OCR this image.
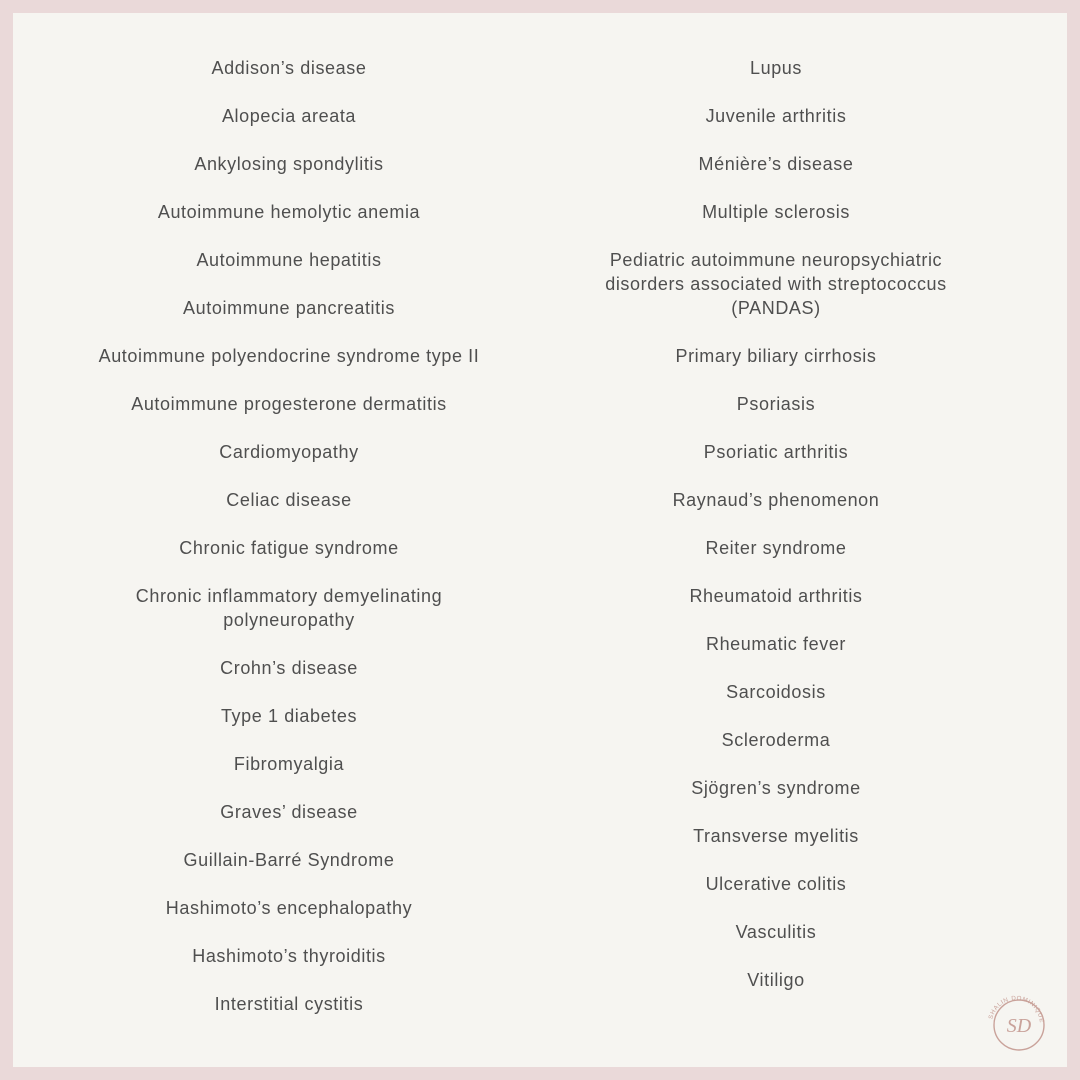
Addison’s disease
Alopecia areata
Ankylosing spondylitis
Autoimmune hemolytic anemia
Autoimmune hepatitis
Autoimmune pancreatitis
Autoimmune polyendocrine syndrome type II
Autoimmune progesterone dermatitis
Cardiomyopathy
Celiac disease
Chronic fatigue syndrome
Chronic inflammatory demyelinating polyneuropathy
Crohn’s disease
Type 1 diabetes
Fibromyalgia
Graves’ disease
Guillain-Barré Syndrome
Hashimoto’s encephalopathy
Hashimoto’s thyroiditis
Interstitial cystitis
Lupus
Juvenile arthritis
Ménière’s disease
Multiple sclerosis
Pediatric autoimmune neuropsychiatric disorders associated with streptococcus (PANDAS)
Primary biliary cirrhosis
Psoriasis
Psoriatic arthritis
Raynaud’s phenomenon
Reiter syndrome
Rheumatoid arthritis
Rheumatic fever
Sarcoidosis
Scleroderma
Sjögren’s syndrome
Transverse myelitis
Ulcerative colitis
Vasculitis
Vitiligo
SHALIN DOMINIQUE
SD
